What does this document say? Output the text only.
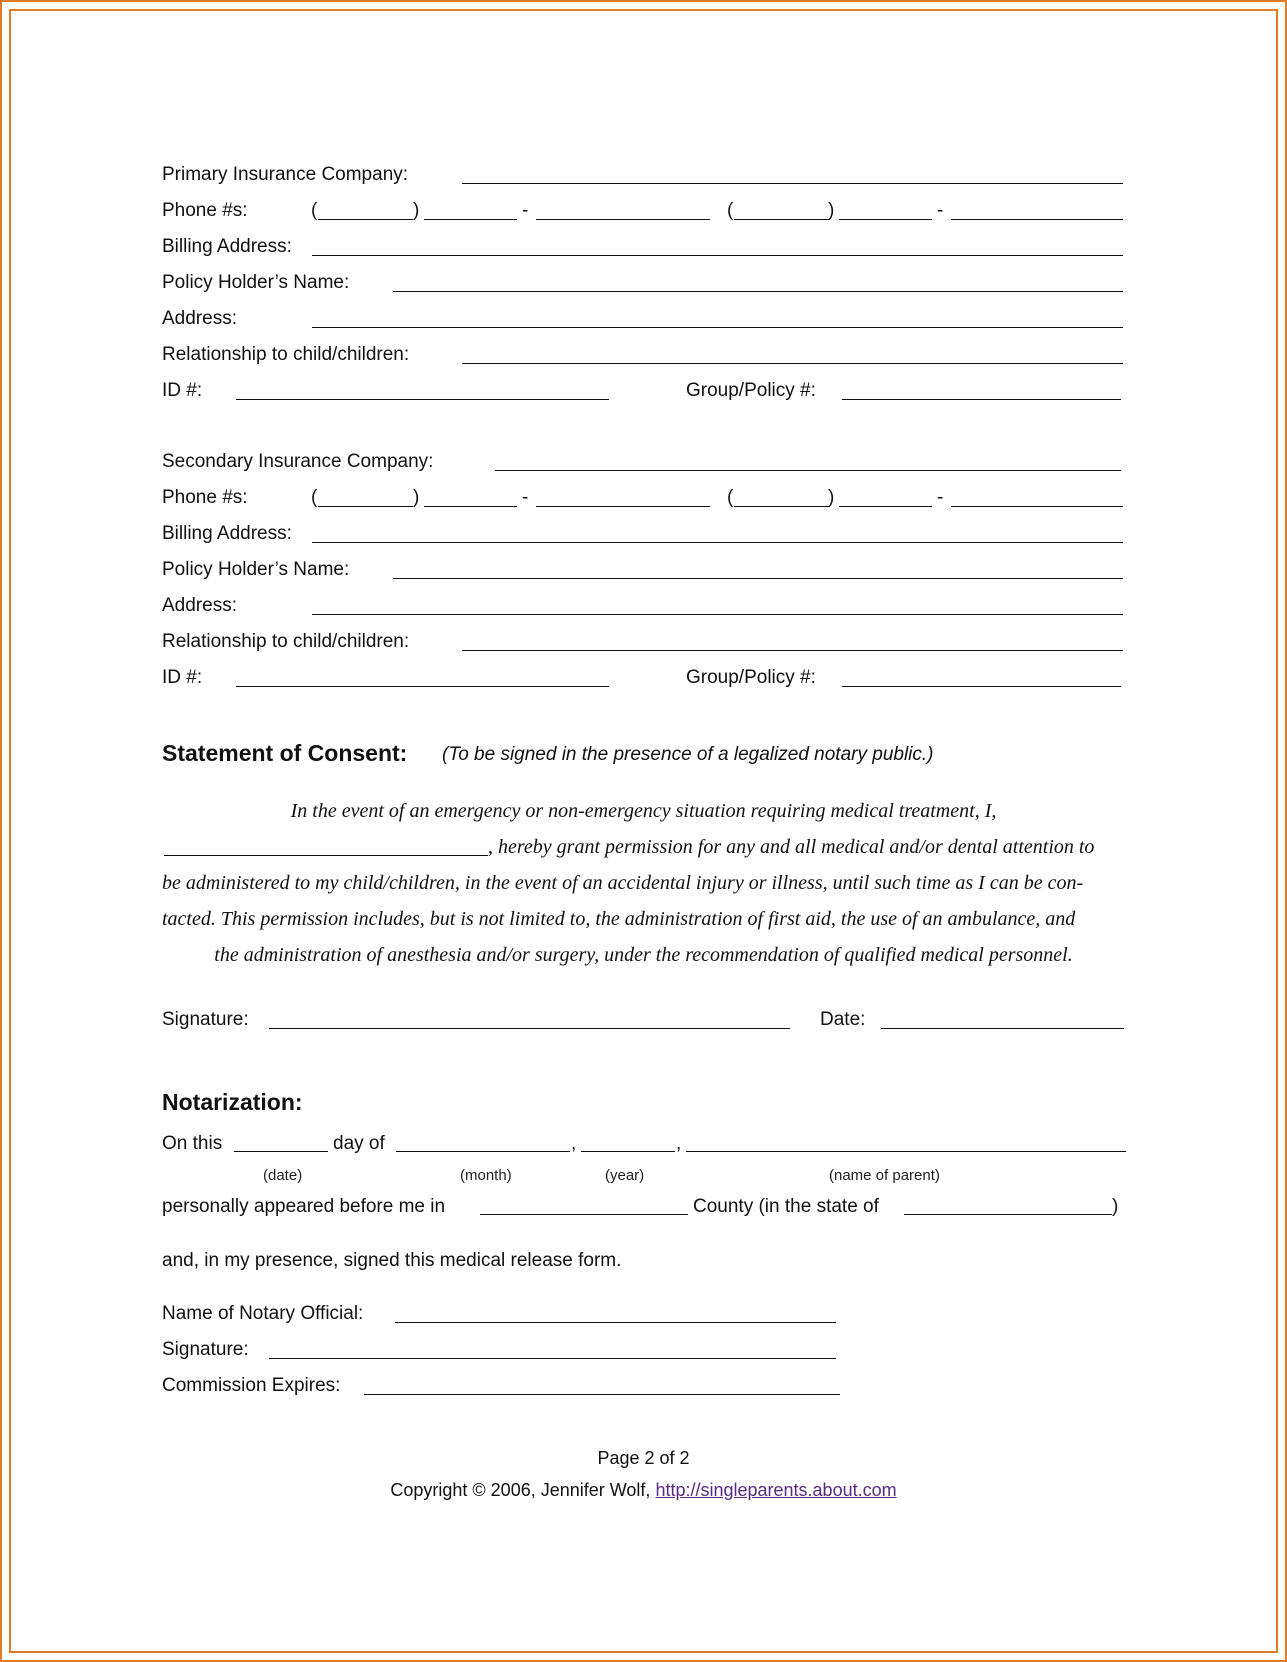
Primary Insurance Company:
Phone #s:	(	)	-	(	)	-
Billing Address:
Policy Holder’s Name:
Address:
Relationship to child/children:
ID #:	Group/Policy #:
Secondary Insurance Company:
Phone #s:	(	)	-	(	)	-
Billing Address:
Policy Holder’s Name:
Address:
Relationship to child/children:
ID #:	Group/Policy #:
Statement of Consent: (To be signed in the presence of a legalized notary public.)
In the event of an emergency or non-emergency situation requiring medical treatment, I,
, hereby grant permission for any and all medical and/or dental attention to
be administered to my child/children, in the event of an accidental injury or illness, until such time as I can be con-
tacted. This permission includes, but is not limited to, the administration of first aid, the use of an ambulance, and
the administration of anesthesia and/or surgery, under the recommendation of qualified medical personnel.
Signature:	Date:
Notarization:
On this	day of	,	,
(date)	(month)	(year)	(name of parent)
personally appeared before me in	County (in the state of	)
and, in my presence, signed this medical release form.
Name of Notary Official:
Signature:
Commission Expires:
Page 2 of 2
Copyright © 2006, Jennifer Wolf, http://singleparents.about.com
